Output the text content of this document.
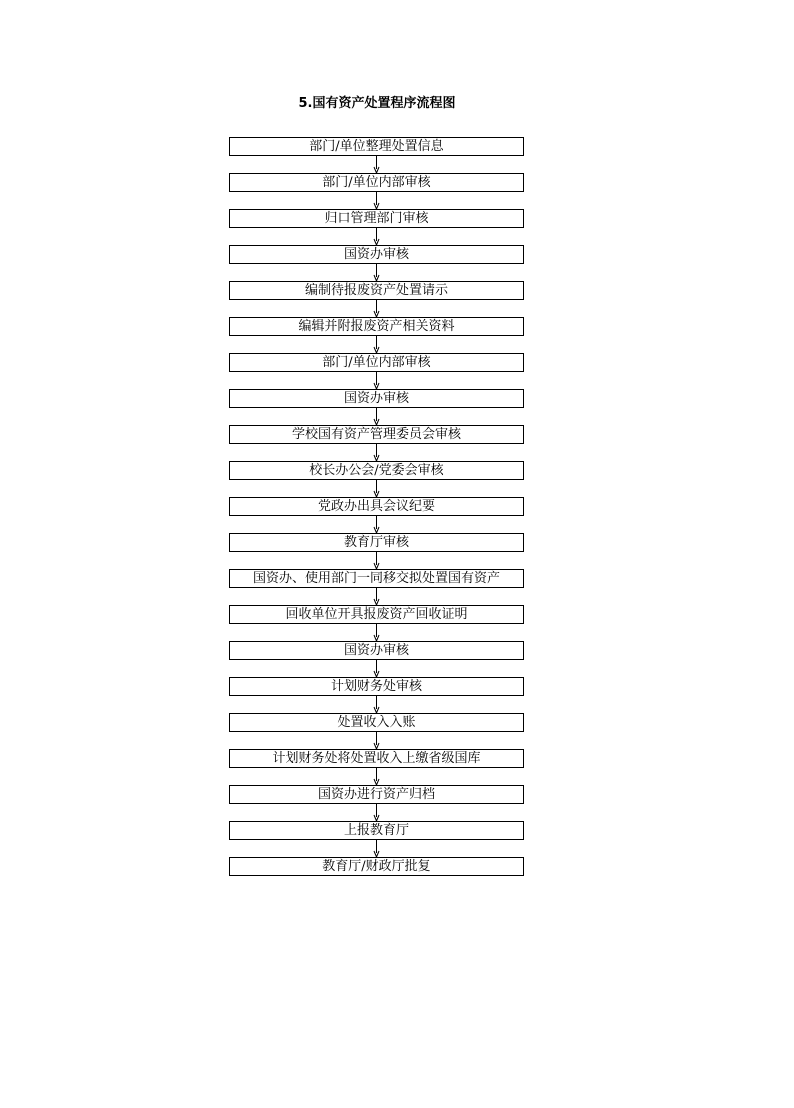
5.国有资产处置程序流程图
部门/单位整理处置信息
部门/单位内部审核
归口管理部门审核
国资办审核
编制待报废资产处置请示
编辑并附报废资产相关资料
部门/单位内部审核
国资办审核
学校国有资产管理委员会审核
校长办公会/党委会审核
党政办出具会议纪要
教育厅审核
国资办、使用部门一同移交拟处置国有资产
回收单位开具报废资产回收证明
国资办审核
计划财务处审核
处置收入入账
计划财务处将处置收入上缴省级国库
国资办进行资产归档
上报教育厅
教育厅/财政厅批复
